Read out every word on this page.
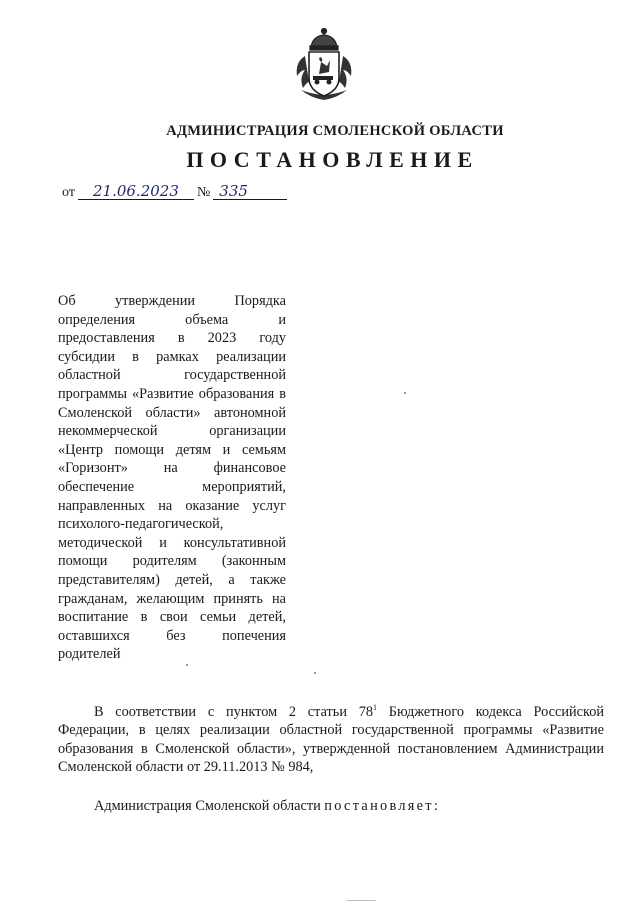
АДМИНИСТРАЦИЯ СМОЛЕНСКОЙ ОБЛАСТИ
ПОСТАНОВЛЕНИЕ
от	21.06.2023	№ 335
Об утверждении Порядка определения объема и предоставления в 2023 году субсидии в рамках реализации областной государственной программы «Развитие образования в Смоленской области» автономной некоммерческой организации «Центр помощи детям и семьям «Горизонт» на финансовое обеспечение мероприятий, направленных на оказание услуг психолого-педагогической, методической и консультативной помощи родителям (законным представителям) детей, а также гражданам, желающим принять на воспитание в свои семьи детей, оставшихся без попечения родителей
В соответствии с пунктом 2 статьи $78^1$ Бюджетного кодекса Российской Федерации, в целях реализации областной государственной программы «Развитие образования в Смоленской области», утвержденной постановлением Администрации Смоленской области от 29.11.2013 № 984,
Администрация Смоленской области постановляет:
